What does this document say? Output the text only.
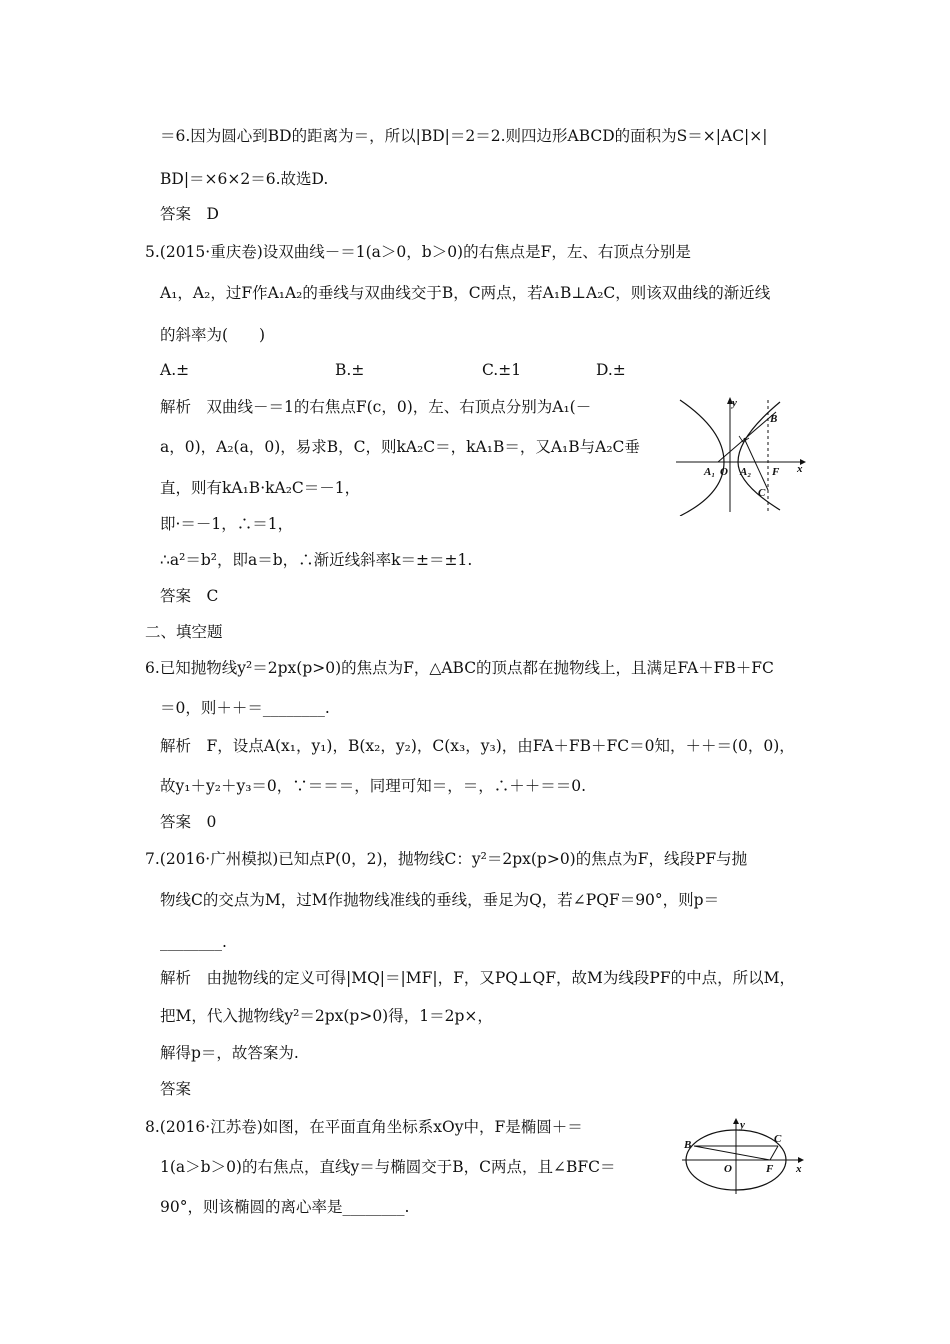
＝6.因为圆心到BD的距离为＝，所以|BD|＝2＝2.则四边形ABCD的面积为S＝×|AC|×|
BD|＝×6×2＝6.故选D.
答案　D
5.(2015·重庆卷)设双曲线－＝1(a＞0，b＞0)的右焦点是F，左、右顶点分别是
A₁，A₂，过F作A₁A₂的垂线与双曲线交于B，C两点，若A₁B⊥A₂C，则该双曲线的渐近线
的斜率为(　　)
A.±	B.±	C.±1	D.±
解析　双曲线－＝1的右焦点F(c，0)，左、右顶点分别为A₁(－
a，0)，A₂(a，0)，易求B，C，则kA₂C＝，kA₁B＝，又A₁B与A₂C垂
直，则有kA₁B·kA₂C＝－1，
即·＝－1，∴＝1，
∴a²＝b²，即a＝b，∴渐近线斜率k＝±＝±1.
答案　C
二、填空题
6.已知抛物线y²＝2px(p>0)的焦点为F，△ABC的顶点都在抛物线上，且满足FA＋FB＋FC
＝0，则＋＋＝________.
解析　F，设点A(x₁，y₁)，B(x₂，y₂)，C(x₃，y₃)，由FA＋FB＋FC＝0知，＋＋＝(0，0)，
故y₁＋y₂＋y₃＝0，∵＝＝＝，同理可知＝，＝，∴＋＋＝＝0.
答案　0
7.(2016·广州模拟)已知点P(0，2)，抛物线C：y²＝2px(p>0)的焦点为F，线段PF与抛
物线C的交点为M，过M作抛物线准线的垂线，垂足为Q，若∠PQF＝90°，则p＝
________.
解析　由抛物线的定义可得|MQ|＝|MF|，F，又PQ⊥QF，故M为线段PF的中点，所以M，
把M，代入抛物线y²＝2px(p>0)得，1＝2p×，
解得p＝，故答案为.
答案
8.(2016·江苏卷)如图，在平面直角坐标系xOy中，F是椭圆＋＝
1(a＞b＞0)的右焦点，直线y＝与椭圆交于B，C两点，且∠BFC＝
90°，则该椭圆的离心率是________.
y
B
A₁ O A₂ F x
C
y
B	C
O	F x
